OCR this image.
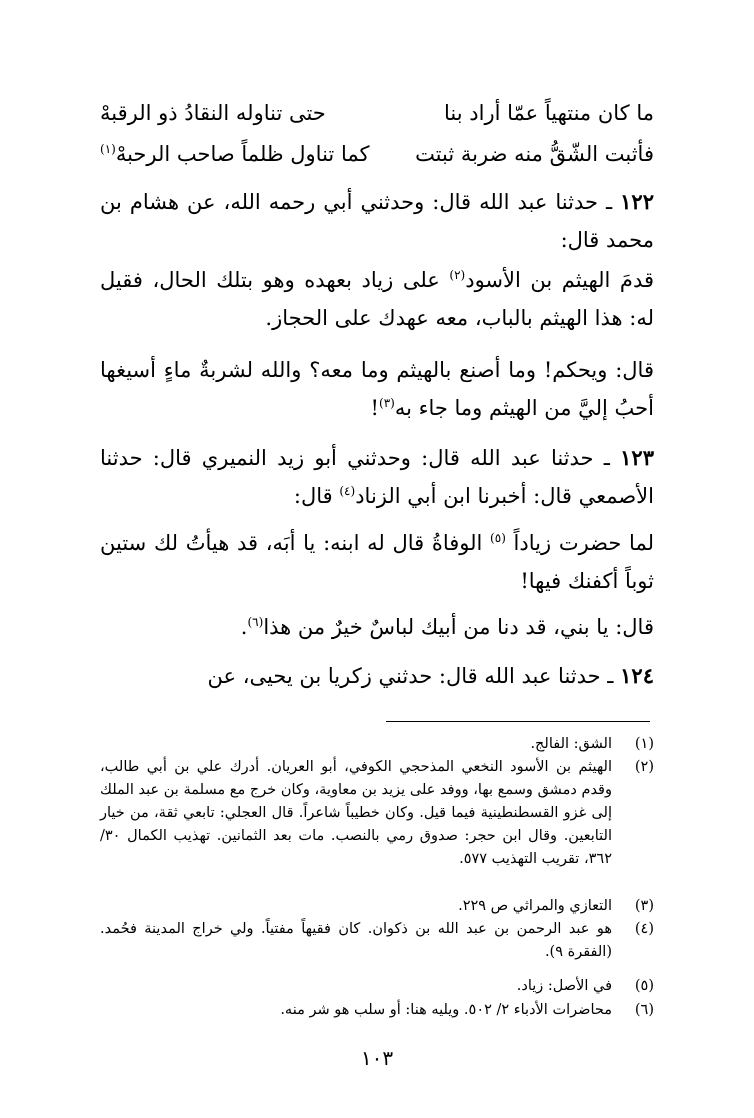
ما كان منتهياً عمّا أراد بنا
حتى تناوله النقادُ ذو الرقبهْ
فأثبت الشّقُّ منه ضربة ثبتت
كما تناول ظلماً صاحب الرحبهْ$^{(١)}$
١٢٢ ـ حدثنا عبد الله قال: وحدثني أبي رحمه الله، عن هشام بن محمد قال:
قدمَ الهيثم بن الأسود$^{(٢)}$ على زياد بعهده وهو بتلك الحال، فقيل له: هذا الهيثم بالباب، معه عهدك على الحجاز.
قال: ويحكم! وما أصنع بالهيثم وما معه؟ والله لشربةٌ ماءٍ أسيغها أحبُ إليَّ من الهيثم وما جاء به$^{(٣)}$!
١٢٣ ـ حدثنا عبد الله قال: وحدثني أبو زيد النميري قال: حدثنا الأصمعي قال: أخبرنا ابن أبي الزناد$^{(٤)}$ قال:
لما حضرت زياداً $^{(٥)}$ الوفاةُ قال له ابنه: يا أبَه، قد هيأتُ لك ستين ثوباً أكفنك فيها!
قال: يا بني، قد دنا من أبيك لباسٌ خيرٌ من هذا$^{(٦)}$.
١٢٤ ـ حدثنا عبد الله قال: حدثني زكريا بن يحيى، عن
(١)
الشق: الفالج.
(٢)
الهيثم بن الأسود النخعي المذحجي الكوفي، أبو العريان. أدرك علي بن أبي طالب، وقدم دمشق وسمع بها، ووفد على يزيد بن معاوية، وكان خرج مع مسلمة بن عبد الملك إلى غزو القسطنطينية فيما قيل. وكان خطيباً شاعراً. قال العجلي: تابعي ثقة، من خيار التابعين. وقال ابن حجر: صدوق رمي بالنصب. مات بعد الثمانين. تهذيب الكمال ٣٠/ ٣٦٢، تقريب التهذيب ٥٧٧.
(٣)
التعازي والمراثي ص ٢٢٩.
(٤)
هو عبد الرحمن بن عبد الله بن ذكوان. كان فقيهاً مفتياً. ولي خراج المدينة فحُمد. (الفقرة ٩).
(٥)
في الأصل: زياد.
(٦)
محاضرات الأدباء ٢/ ٥٠٢. ويليه هنا: أو سلب هو شر منه.
١٠٣
